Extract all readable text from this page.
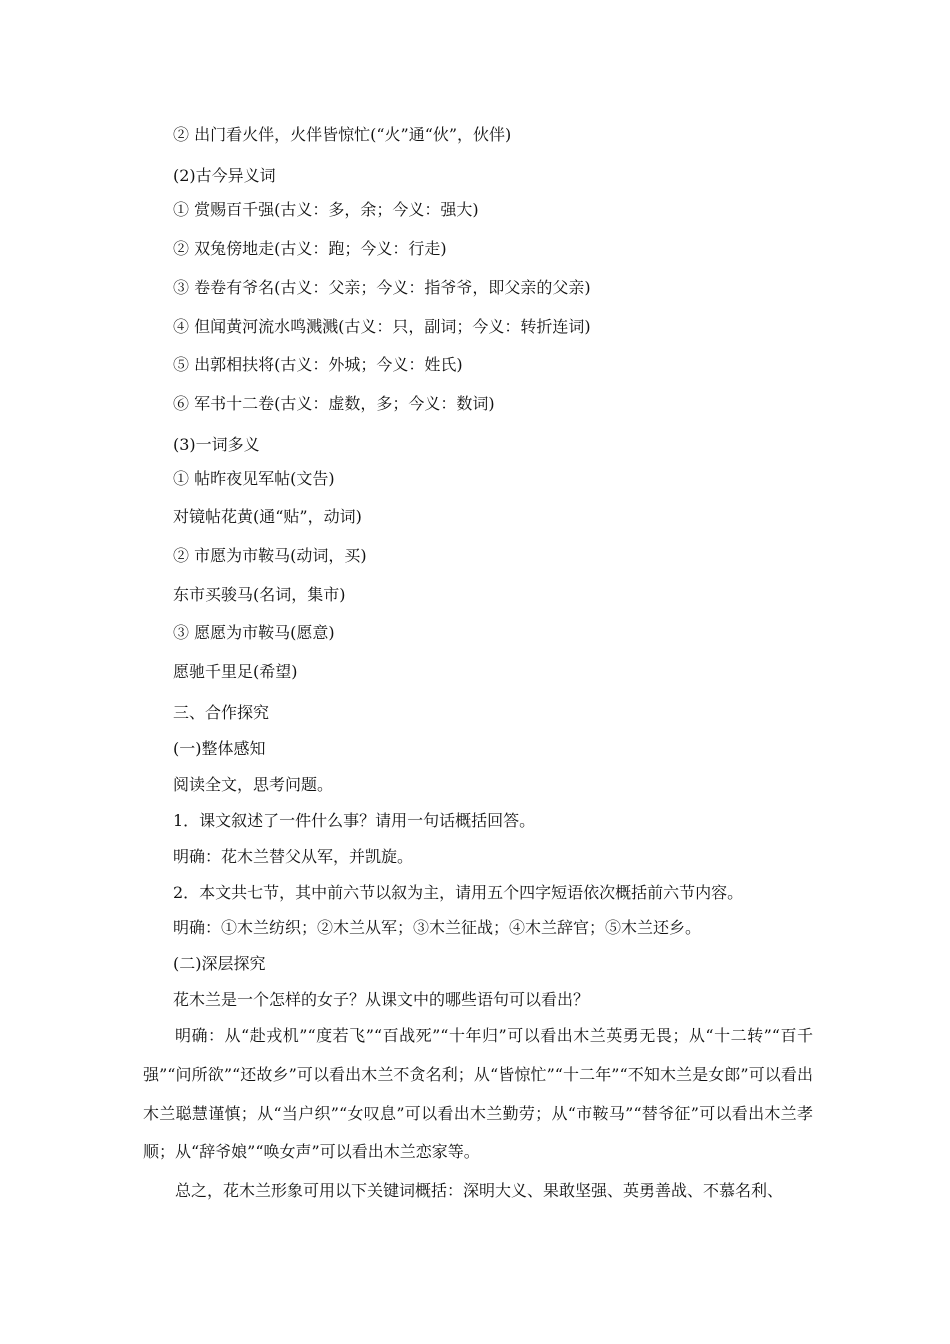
② 出门看火伴，火伴皆惊忙(“火”通“伙”，伙伴)

(2)古今异义词

① 赏赐百千强(古义：多，余；今义：强大)

② 双兔傍地走(古义：跑；今义：行走)

③ 卷卷有爷名(古义：父亲；今义：指爷爷，即父亲的父亲)

④ 但闻黄河流水鸣溅溅(古义：只，副词；今义：转折连词)

⑤ 出郭相扶将(古义：外城；今义：姓氏)

⑥ 军书十二卷(古义：虚数，多；今义：数词)

(3)一词多义

① 帖昨夜见军帖(文告)

对镜帖花黄(通“贴”，动词)

② 市愿为市鞍马(动词，买)

东市买骏马(名词，集市)

③ 愿愿为市鞍马(愿意)

愿驰千里足(希望)

三、合作探究

(一)整体感知

阅读全文，思考问题。

1．课文叙述了一件什么事？请用一句话概括回答。

明确：花木兰替父从军，并凯旋。

2．本文共七节，其中前六节以叙为主，请用五个四字短语依次概括前六节内容。

明确：①木兰纺织；②木兰从军；③木兰征战；④木兰辞官；⑤木兰还乡。

(二)深层探究

花木兰是一个怎样的女子？从课文中的哪些语句可以看出？

明确：从“赴戎机”“度若飞”“百战死”“十年归”可以看出木兰英勇无畏；从“十二转”“百千强”“问所欲”“还故乡”可以看出木兰不贪名利；从“皆惊忙”“十二年”“不知木兰是女郎”可以看出木兰聪慧谨慎；从“当户织”“女叹息”可以看出木兰勤劳；从“市鞍马”“替爷征”可以看出木兰孝顺；从“辞爷娘”“唤女声”可以看出木兰恋家等。

总之，花木兰形象可用以下关键词概括：深明大义、果敢坚强、英勇善战、不慕名利、
